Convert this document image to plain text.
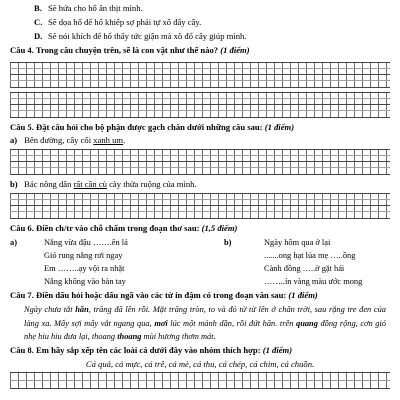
B. Sẽ hứa cho hổ ăn thịt mình.
C. Sẽ dọa hổ để hổ khiếp sợ phải tự xô đẩy cây.
D. Sẽ nói khích để hổ thấy tức giận mà xô đổ cây giúp mình.
Câu 4. Trong câu chuyện trên, sẽ là con vật như thế nào? (1 điểm)
Câu 5. Đặt câu hỏi cho bộ phận được gạch chân dưới những câu sau: (1 điểm)
a) Bên đường, cây cối xanh um.
b) Bác nông dân rất cần cù cày thửa ruộng của mình.
Câu 6. Điền ch/tr vào chỗ chấm trong đoạn thơ sau: (1,5 điểm)
a)	Nắng vừa đậu …….ên lá	b)	Ngày hôm qua ở lại
	Gió rung nắng rơi ngay		.......ong hạt lúa mẹ …..ồng
	Em ……..ạy vội ra nhặt		Cành đồng …..ờ gặt hái
	Nắng không vào bàn tay		……..ín vàng màu ước mong
Câu 7. Điền dấu hỏi hoặc dấu ngã vào các từ in đậm có trong đoạn văn sau: (1 điểm)
Ngày chưa tắt hăn, trăng đã lên rồi. Mặt trăng tròn, to và đỏ từ từ lên ở chân trời, sau rặng tre đen của làng xa. Mấy sợi mây vắt ngang qua, mơi lúc một mảnh dần, rồi đứt hăn. trên quang đồng rộng, cơn gió nhẹ hiu hiu đưa lại, thoang thoang mùi hương thơm mát.
Câu 8. Em hãy sắp xếp tên các loài cá dưới đây vào nhóm thích hợp: (1 điểm)
Cá quả, cá mực, cá trê, cá mè, cá thu, cá chép, cá chim, cá chuồn.
